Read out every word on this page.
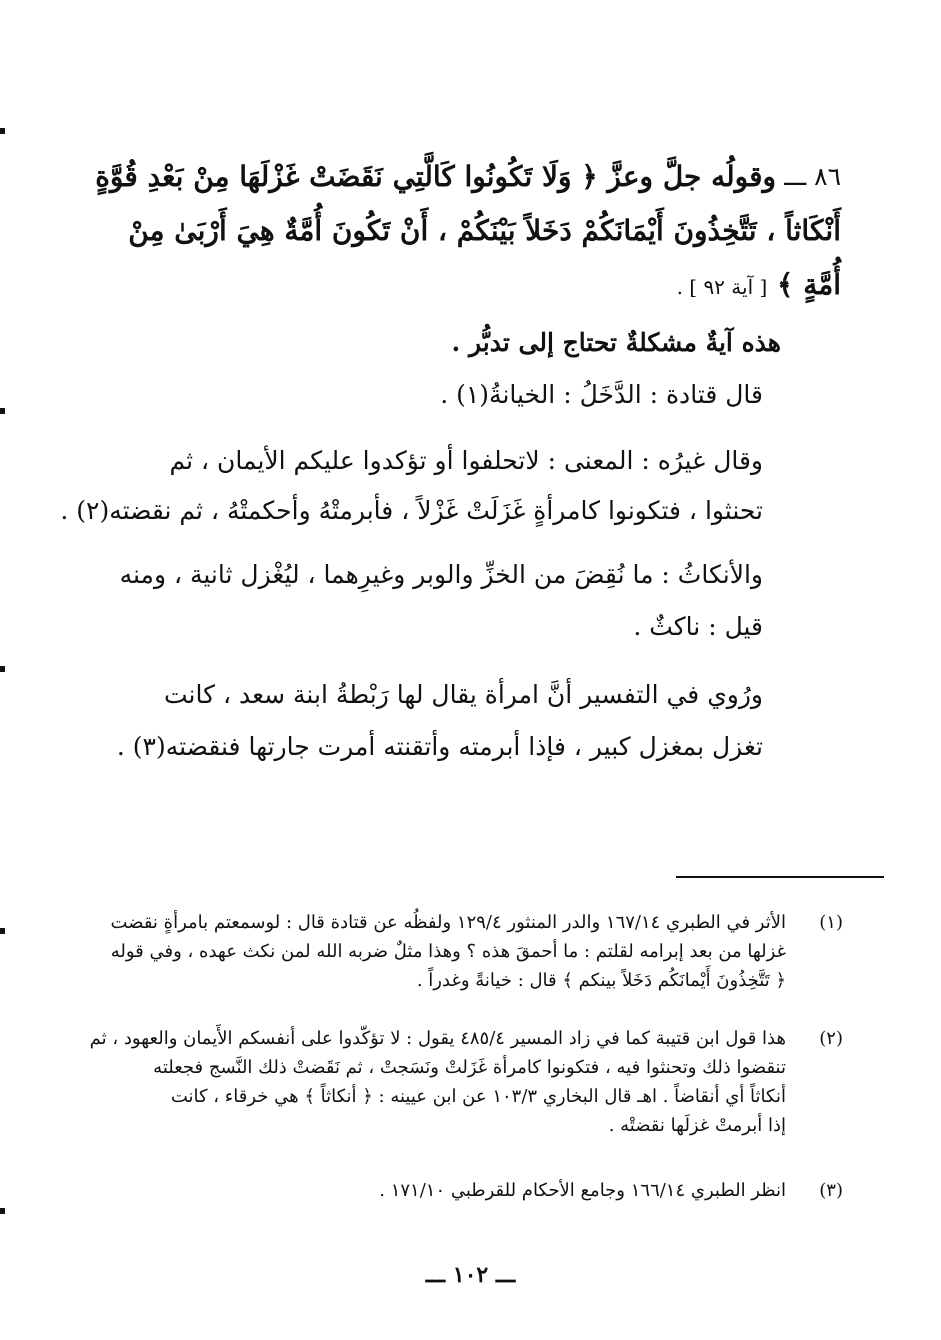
٨٦ ـــ
وقولُه جلَّ وعزَّ ﴿ وَلَا تَكُونُوا كَالَّتِي نَقَضَتْ غَزْلَهَا مِنْ بَعْدِ قُوَّةٍ
أَنْكَاثاً ، تَتَّخِذُونَ أَيْمَانَكُمْ دَخَلاً بَيْنَكُمْ ، أَنْ تَكُونَ أُمَّةٌ هِيَ أَرْبَىٰ مِنْ
أُمَّةٍ ﴾ [ آية ٩٢ ] .
هذه آيةٌ مشكلةٌ تحتاج إلى تدبُّر .
قال قتادة : الدَّخَلُ : الخيانةُ(١) .
وقال غيرُه : المعنى : لاتحلفوا أو تؤكدوا عليكم الأيمان ، ثم
تحنثوا ، فتكونوا كامرأةٍ غَزَلَتْ غَزْلاً ، فأبرمتْهُ وأحكمتْهُ ، ثم نقضته(٢) .
والأنكاثُ : ما نُقِضَ من الخزِّ والوبر وغيرِهما ، ليُغْزل ثانية ، ومنه
قيل : ناكثٌ .
ورُوي في التفسير أنَّ امرأة يقال لها رَبْطةُ ابنة سعد ، كانت
تغزل بمغزل كبير ، فإذا أبرمته وأتقنته أمرت جارتها فنقضته(٣) .
(١)
الأثر في الطبري ١٦٧/١٤ والدر المنثور ١٢٩/٤ ولفظُه عن قتادة قال : لوسمعتم بامرأةٍ نقضت
غزلها من بعد إبرامه لقلتم : ما أحمقَ هذه ؟ وهذا مثلٌ ضربه الله لمن نكث عهده ، وفي قوله
﴿ تَتَّخِذُونَ أَيْمانَكُم دَخَلاً بينكم ﴾ قال : خيانةً وغدراً .
(٢)
هذا قول ابن قتيبة كما في زاد المسير ٤٨٥/٤ يقول : لا تؤكّدوا على أنفسكم الأَيمان والعهود ، ثم
تنقضوا ذلك وتحنثوا فيه ، فتكونوا كامرأة غَزَلتْ ونَسَجتْ ، ثم نَقَضتْ ذلك النَّسج فجعلته
أنكاثاً أي أنقاضاً . اهـ قال البخاري ١٠٣/٣ عن ابن عيينه : ﴿ أنكاثاً ﴾ هي خرقاء ، كانت
إذا أبرمتْ غزلَها نقضتْه .
(٣)
انظر الطبري ١٦٦/١٤ وجامع الأحكام للقرطبي ١٧١/١٠ .
ـــ ١٠٢ ـــ
